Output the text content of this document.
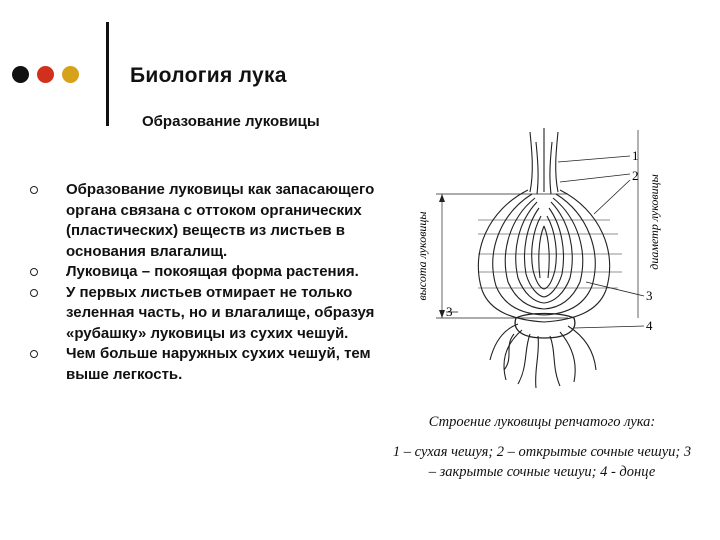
Биология лука
Образование луковицы
Образование луковицы как запасающего органа связана с оттоком органических (пластических) веществ из листьев в основания влагалищ.
Луковица – покоящая форма растения.
У первых листьев отмирает не только зеленная часть, но и влагалище, образуя «рубашку» луковицы из сухих чешуй.
Чем больше наружных сухих чешуй, тем выше легкость.
высота луковицы	диаметр луковицы
1
2
3
3
4
Строение луковицы репчатого лука:
1 – сухая чешуя; 2 – открытые сочные чешуи; 3 – закрытые сочные чешуи; 4 - донце
